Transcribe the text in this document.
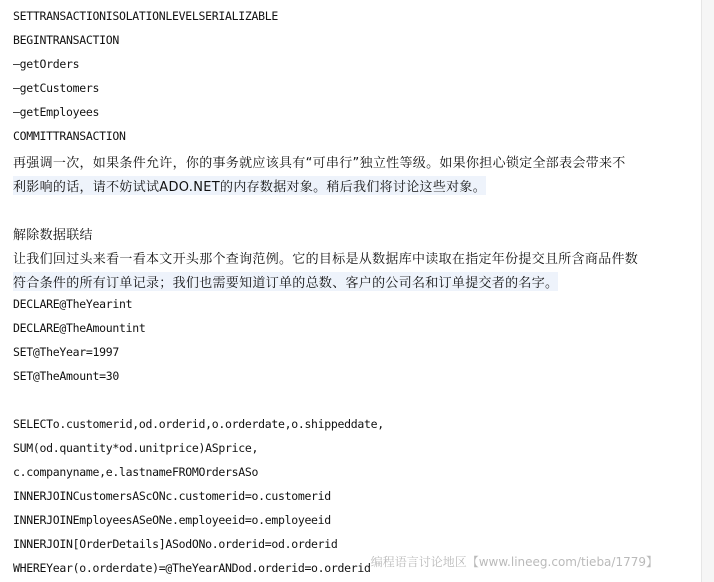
SETTRANSACTIONISOLATIONLEVELSERIALIZABLE
BEGINTRANSACTION
—getOrders
—getCustomers
—getEmployees
COMMITTRANSACTION
再强调一次，如果条件允许，你的事务就应该具有“可串行”独立性等级。如果你担心锁定全部表会带来不
利影响的话，请不妨试试ADO.NET的内存数据对象。稍后我们将讨论这些对象。
解除数据联结
让我们回过头来看一看本文开头那个查询范例。它的目标是从数据库中读取在指定年份提交且所含商品件数
符合条件的所有订单记录；我们也需要知道订单的总数、客户的公司名和订单提交者的名字。
DECLARE@TheYearint
DECLARE@TheAmountint
SET@TheYear=1997
SET@TheAmount=30
SELECTo.customerid,od.orderid,o.orderdate,o.shippeddate,
SUM(od.quantity*od.unitprice)ASprice,
c.companyname,e.lastnameFROMOrdersASo
INNERJOINCustomersAScONc.customerid=o.customerid
INNERJOINEmployeesASeONe.employeeid=o.employeeid
INNERJOIN[OrderDetails]ASodONo.orderid=od.orderid
WHEREYear(o.orderdate)=@TheYearANDod.orderid=o.orderid 编程语言讨论地区【www.lineeg.com/tieba/1779】
